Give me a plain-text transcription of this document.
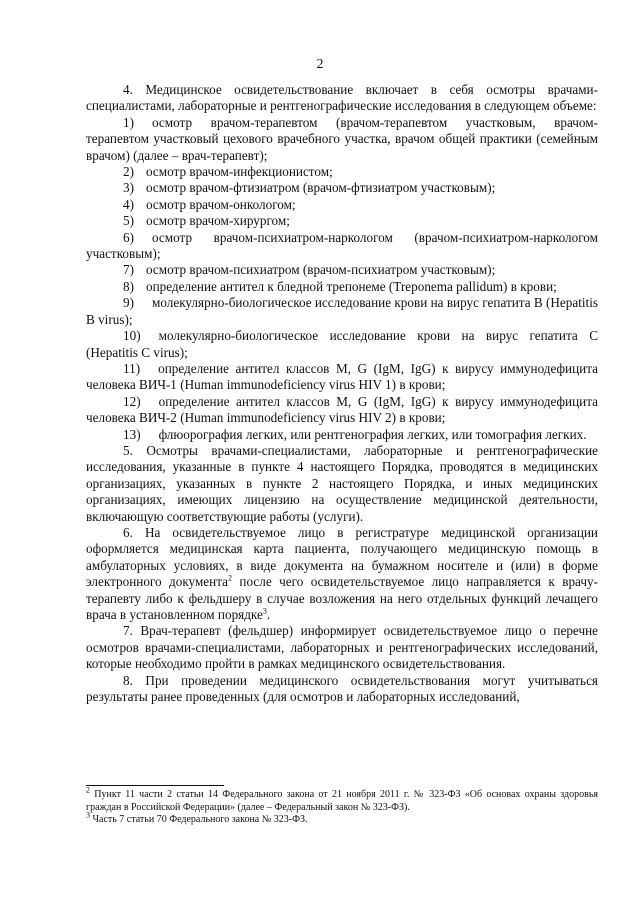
2

4. Медицинское освидетельствование включает в себя осмотры врачами-специалистами, лабораторные и рентгенографические исследования в следующем объеме:

1) осмотр врачом-терапевтом (врачом-терапевтом участковым, врачом-терапевтом участковый цехового врачебного участка, врачом общей практики (семейным врачом) (далее – врач-терапевт);
2) осмотр врачом-инфекционистом;
3) осмотр врачом-фтизиатром (врачом-фтизиатром участковым);
4) осмотр врачом-онкологом;
5) осмотр врачом-хирургом;
6) осмотр врачом-психиатром-наркологом (врачом-психиатром-наркологом участковым);
7) осмотр врачом-психиатром (врачом-психиатром участковым);
8) определение антител к бледной трепонеме (Treponema pallidum) в крови;
9) молекулярно-биологическое исследование крови на вирус гепатита B (Hepatitis B virus);
10) молекулярно-биологическое исследование крови на вирус гепатита C (Hepatitis C virus);
11) определение антител классов M, G (IgM, IgG) к вирусу иммунодефицита человека ВИЧ-1 (Human immunodeficiency virus HIV 1) в крови;
12) определение антител классов M, G (IgM, IgG) к вирусу иммунодефицита человека ВИЧ-2 (Human immunodeficiency virus HIV 2) в крови;
13) флюорография легких, или рентгенография легких, или томография легких.

5. Осмотры врачами-специалистами, лабораторные и рентгенографические исследования, указанные в пункте 4 настоящего Порядка, проводятся в медицинских организациях, указанных в пункте 2 настоящего Порядка, и иных медицинских организациях, имеющих лицензию на осуществление медицинской деятельности, включающую соответствующие работы (услуги).

6. На освидетельствуемое лицо в регистратуре медицинской организации оформляется медицинская карта пациента, получающего медицинскую помощь в амбулаторных условиях, в виде документа на бумажном носителе и (или) в форме электронного документа$^2$ после чего освидетельствуемое лицо направляется к врачу-терапевту либо к фельдшеру в случае возложения на него отдельных функций лечащего врача в установленном порядке$^3$.

7. Врач-терапевт (фельдшер) информирует освидетельствуемое лицо о перечне осмотров врачами-специалистами, лабораторных и рентгенографических исследований, которые необходимо пройти в рамках медицинского освидетельствования.

8. При проведении медицинского освидетельствования могут учитываться результаты ранее проведенных (для осмотров и лабораторных исследований,

$^2$ Пункт 11 части 2 статьи 14 Федерального закона от 21 ноября 2011 г. № 323-ФЗ «Об основах охраны здоровья граждан в Российской Федерации» (далее – Федеральный закон № 323-ФЗ).

$^3$ Часть 7 статьи 70 Федерального закона № 323-ФЗ.
